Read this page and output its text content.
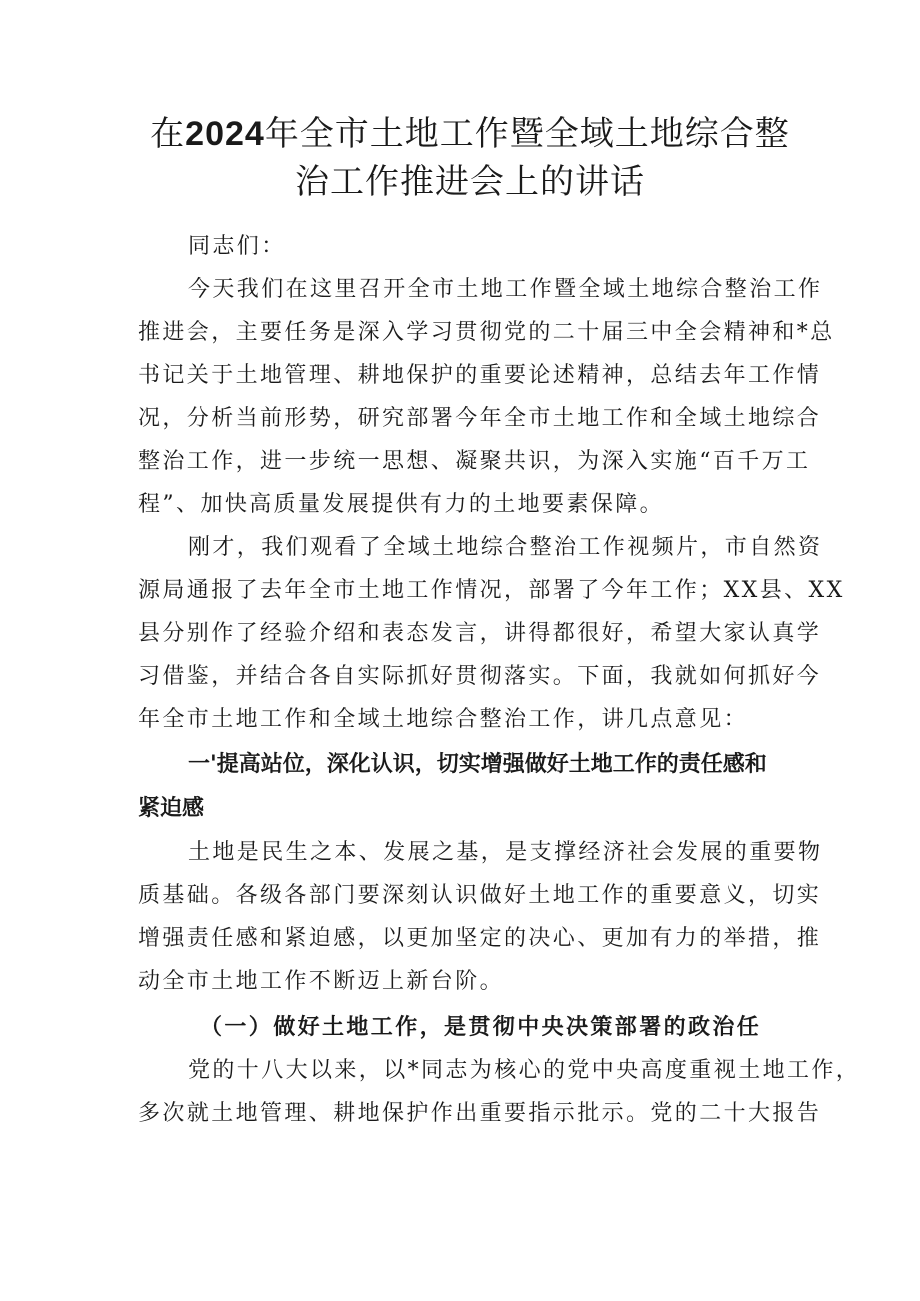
在2024年全市土地工作暨全域土地综合整
治工作推进会上的讲话
同志们：
今天我们在这里召开全市土地工作暨全域土地综合整治工作
推进会，主要任务是深入学习贯彻党的二十届三中全会精神和*总
书记关于土地管理、耕地保护的重要论述精神，总结去年工作情
况，分析当前形势，研究部署今年全市土地工作和全域土地综合
整治工作，进一步统一思想、凝聚共识，为深入实施“百千万工
程”、加快高质量发展提供有力的土地要素保障。
刚才，我们观看了全域土地综合整治工作视频片，市自然资
源局通报了去年全市土地工作情况，部署了今年工作；XX县、XX
县分别作了经验介绍和表态发言，讲得都很好，希望大家认真学
习借鉴，并结合各自实际抓好贯彻落实。下面，我就如何抓好今
年全市土地工作和全域土地综合整治工作，讲几点意见：
一'提高站位，深化认识，切实增强做好土地工作的责任感和
紧迫感
土地是民生之本、发展之基，是支撑经济社会发展的重要物
质基础。各级各部门要深刻认识做好土地工作的重要意义，切实
增强责任感和紧迫感，以更加坚定的决心、更加有力的举措，推
动全市土地工作不断迈上新台阶。
（一）做好土地工作，是贯彻中央决策部署的政治任
党的十八大以来，以*同志为核心的党中央高度重视土地工作，
多次就土地管理、耕地保护作出重要指示批示。党的二十大报告
